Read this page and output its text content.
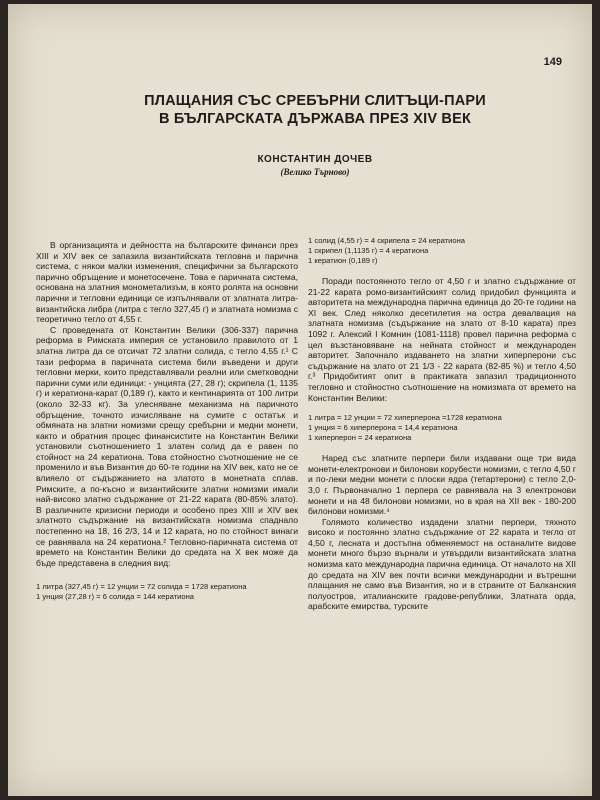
149
ПЛАЩАНИЯ СЪС СРЕБЪРНИ СЛИТЪЦИ-ПАРИ
В БЪЛГАРСКАТА ДЪРЖАВА ПРЕЗ XIV ВЕК
КОНСТАНТИН ДОЧЕВ
(Велико Търново)

В организацията и дейността на българските финанси през XIII и XIV век се запазила византийската тегловна и парична система, с някои малки изменения, специфични за българското парично обръщение и монетосечене. Това е паричната система, основана на златния монометализъм, в която ролята на основни парични и тегловни единици се изпълнявали от златната литра-византийска либра (литра с тегло 327,45 г) и златната номизма с теоретично тегло от 4,55 г.

С проведената от Константин Велики (306-337) парична реформа в Римската империя се установило правилото от 1 златна литра да се отсичат 72 златни солида, с тегло 4,55 г.¹ С тази реформа в паричната система били въведени и други тегловни мерки, които представлявали реални или сметководни парични суми или единици: - унцията (27, 28 г); скрипела (1, 1135 г) и кератиона-карат (0,189 г), както и кентинарията от 100 литри (около 32-33 кг). За улесняване механизма на паричното обръщение, точното изчисляване на сумите с остатък и обмяната на златни номизми срещу сребърни и медни монети, както и обратния процес финансистите на Константин Велики установили съотношението 1 златен солид да е равен по стойност на 24 кератиона. Това стойностно съотношение не се променило и във Византия до 60-те години на XIV век, като не се влияело от съдържанието на златото в монетната сплав. Римските, а по-късно и византийските златни номизми имали най-високо златно съдържание от 21-22 карата (80-85% злато). В различните кризисни периоди и особено през XIII и XIV век златното съдържание на византийската номизма спаднало постепенно на 18, 16 2/3, 14 и 12 карата, но по стойност винаги се равнявала на 24 кератиона.² Тегловно-паричната система от времето на Константин Велики до средата на X век може да бъде представена в следния вид:

1 литра (327,45 г) = 12 унции = 72 солида = 1728 кератиона
1 унция (27,28 г) = 6 солида = 144 кератиона
1 солид (4,55 г) = 4 скрипела = 24 кератиона
1 скрипел (1,1135 г) = 4 кератиона
1 кератион (0,189 г)

Поради постоянното тегло от 4,50 г и златно съдържание от 21-22 карата ромо-византийският солид придобил функцията и авторитета на международна парична единица до 20-те години на XI век. След няколко десетилетия на остра девалвация на златната номизма (съдържание на злато от 8-10 карата) през 1092 г. Алексий I Комнин (1081-1118) провел парична реформа с цел възстановяване на нейната стойност и международен авторитет. Започнало издаването на златни хиперперони със съдържание на злато от 21 1/3 - 22 карата (82-85 %) и тегло 4,50 г.³ Придобитият опит в практиката запазил традиционното тегловно и стойностно съотношение на номизмата от времето на Константин Велики:

1 литра = 12 унции = 72 хиперперона =1728 кератиона
1 унция = 6 хиперперона = 14,4 кератиона
1 хиперперон = 24 кератиона

Наред със златните перпери били издавани още три вида монети-електронови и билонови корубести номизми, с тегло 4,50 г и по-леки медни монети с плоски ядра (тетартерони) с тегло 2,0-3,0 г. Първоначално 1 перпера се равнявала на 3 електронови монети и на 48 билонови номизми, но в края на XII век - 180-200 билонови номизми.⁴

Голямото количество издадени златни перпери, тяхното високо и постоянно златно съдържание от 22 карата и тегло от 4,50 г, лесната и достъпна обменяемост на останалите видове монети много бързо върнали и утвърдили византийската златна номизма като международна парична единица. От началото на XII до средата на XIV век почти всички международни и вътрешни плащания не само във Византия, но и в страните от Балканския полуостров, италианските градове-републики, Златната орда, арабските емирства, турските
